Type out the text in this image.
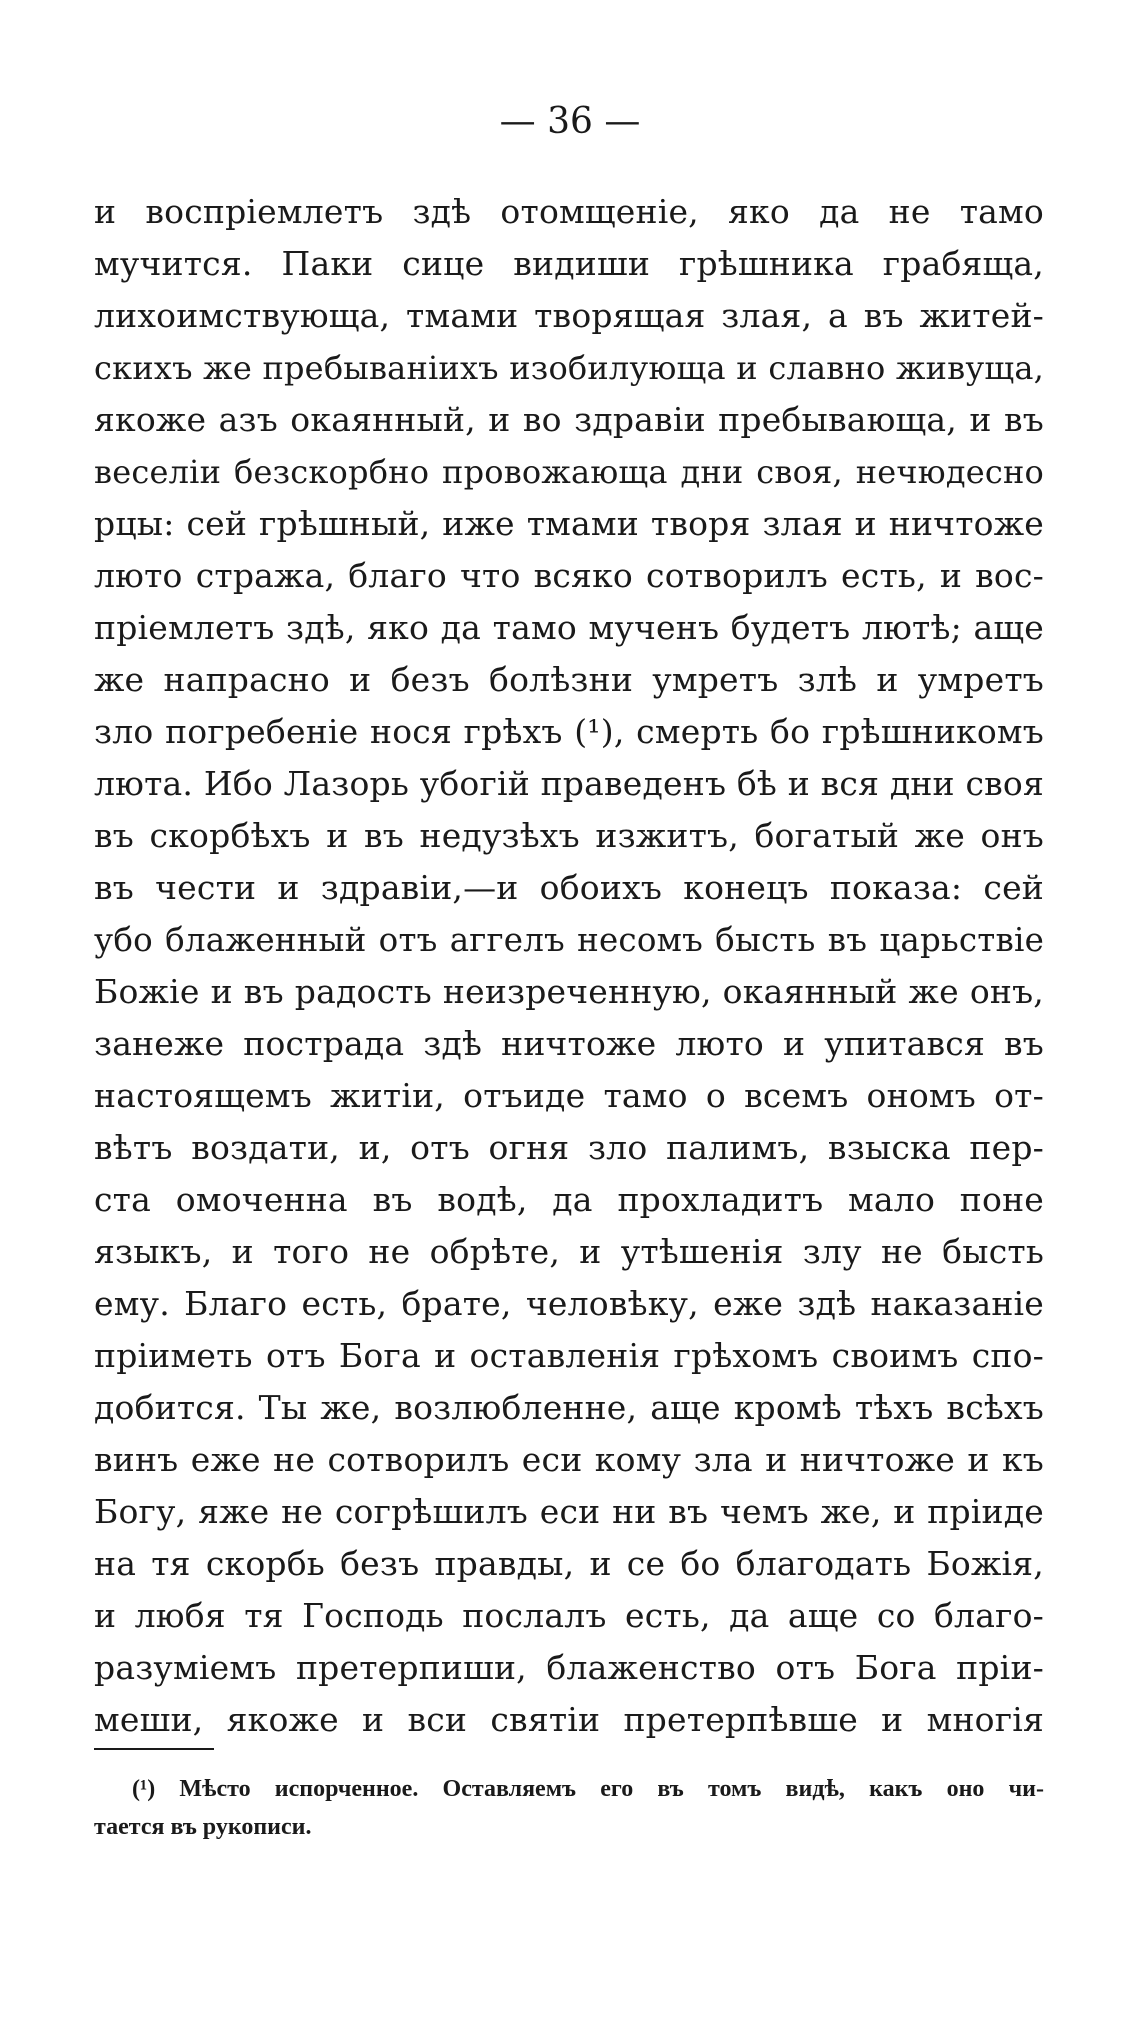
— 36 —
и воспріемлетъ здѣ отомщеніе, яко да не тамо
мучится. Паки сице видиши грѣшника грабяща,
лихоимствующа, тмами творящая злая, а въ житей-
скихъ же пребываніихъ изобилующа и славно живуща,
якоже азъ окаянный, и во здравіи пребывающа, и въ
веселіи безскорбно провожающа дни своя, нечюдесно
рцы: сей грѣшный, иже тмами творя злая и ничтоже
люто стража, благо что всяко сотворилъ есть, и вос-
пріемлетъ здѣ, яко да тамо мученъ будетъ лютѣ; аще
же напрасно и безъ болѣзни умретъ злѣ и умретъ
зло погребеніе нося грѣхъ (¹), смерть бо грѣшникомъ
люта. Ибо Лазорь убогій праведенъ бѣ и вся дни своя
въ скорбѣхъ и въ недузѣхъ изжитъ, богатый же онъ
въ чести и здравіи,—и обоихъ конецъ показа: сей
убо блаженный отъ аггелъ несомъ бысть въ царьствіе
Божіе и въ радость неизреченную, окаянный же онъ,
занеже пострада здѣ ничтоже люто и упитався въ
настоящемъ житіи, отъиде тамо о всемъ ономъ от-
вѣтъ воздати, и, отъ огня зло палимъ, взыска пер-
ста омоченна въ водѣ, да прохладитъ мало поне
языкъ, и того не обрѣте, и утѣшенія злу не бысть
ему. Благо есть, брате, человѣку, еже здѣ наказаніе
пріиметь отъ Бога и оставленія грѣхомъ своимъ спо-
добится. Ты же, возлюбленне, аще кромѣ тѣхъ всѣхъ
винъ еже не сотворилъ еси кому зла и ничтоже и къ
Богу, яже не согрѣшилъ еси ни въ чемъ же, и пріиде
на тя скорбь безъ правды, и се бо благодать Божія,
и любя тя Господь послалъ есть, да аще со благо-
разуміемъ претерпиши, блаженство отъ Бога пріи-
меши, якоже и вси святіи претерпѣвше и многія
(¹) Мѣсто испорченное. Оставляемъ его въ томъ видѣ, какъ оно чи-
тается въ рукописи.
